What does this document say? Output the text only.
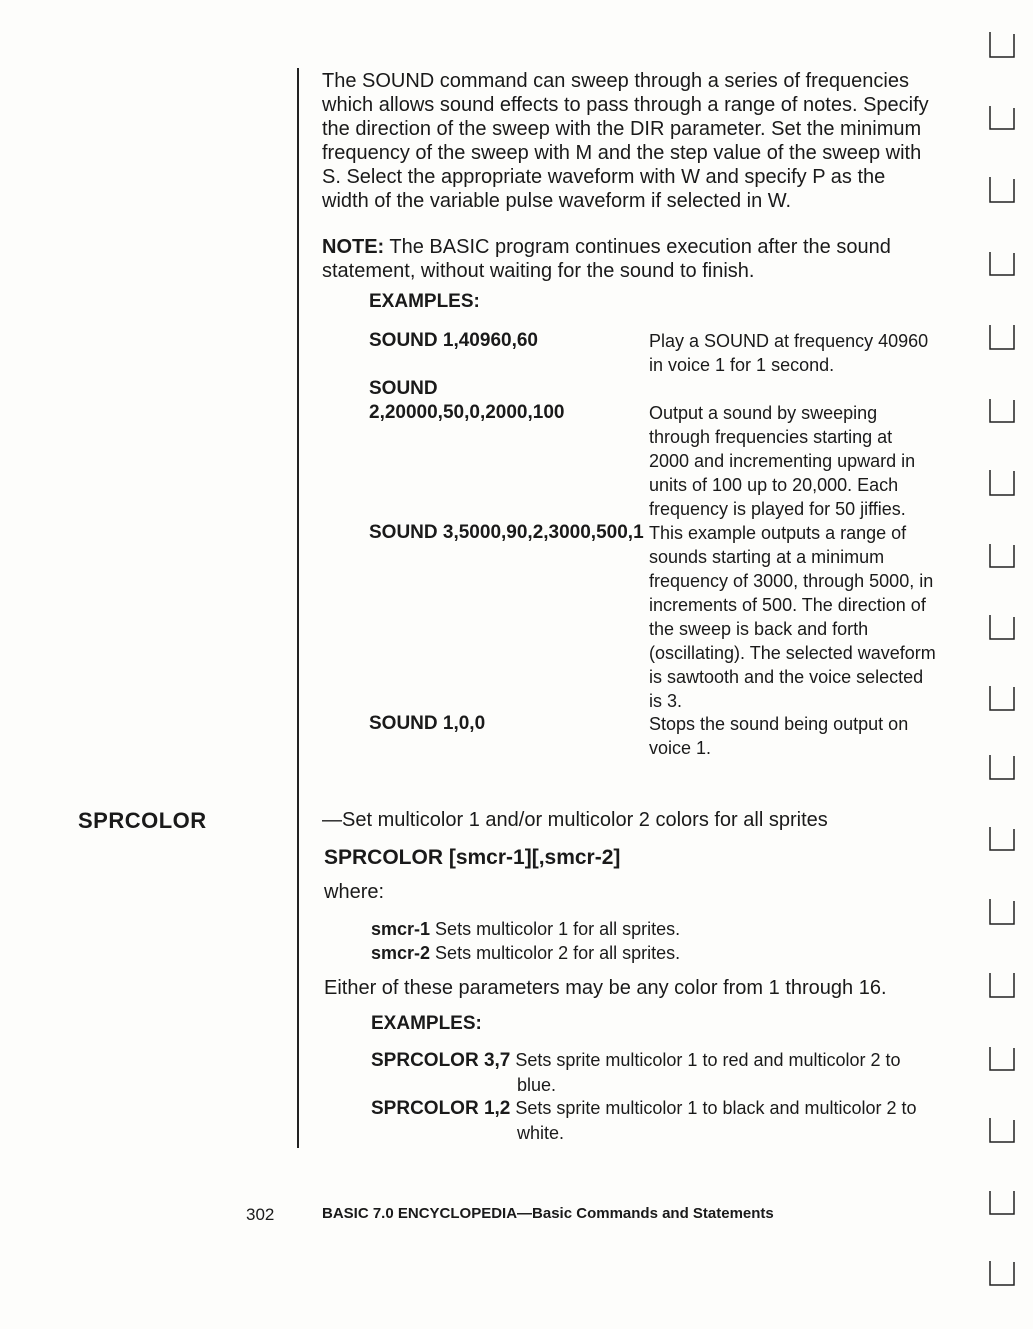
SPRCOLOR
The SOUND command can sweep through a series of frequencies
which allows sound effects to pass through a range of notes. Specify
the direction of the sweep with the DIR parameter. Set the minimum
frequency of the sweep with M and the step value of the sweep with
S. Select the appropriate waveform with W and specify P as the
width of the variable pulse waveform if selected in W.
NOTE: The BASIC program continues execution after the sound
statement, without waiting for the sound to finish.
EXAMPLES:
SOUND 1,40960,60	Play a SOUND at frequency 40960
in voice 1 for 1 second.
SOUND
2,20000,50,0,2000,100	Output a sound by sweeping
through frequencies starting at
2000 and incrementing upward in
units of 100 up to 20,000. Each
frequency is played for 50 jiffies.
SOUND 3,5000,90,2,3000,500,1 This example outputs a range of
sounds starting at a minimum
frequency of 3000, through 5000, in
increments of 500. The direction of
the sweep is back and forth
(oscillating). The selected waveform
is sawtooth and the voice selected
is 3.
SOUND 1,0,0	Stops the sound being output on
voice 1.
—Set multicolor 1 and/or multicolor 2 colors for all sprites
SPRCOLOR [smcr-1][,smcr-2]
where:
smcr-1 Sets multicolor 1 for all sprites.
smcr-2 Sets multicolor 2 for all sprites.
Either of these parameters may be any color from 1 through 16.
EXAMPLES:
SPRCOLOR 3,7 Sets sprite multicolor 1 to red and multicolor 2 to
blue.
SPRCOLOR 1,2 Sets sprite multicolor 1 to black and multicolor 2 to
white.
302	BASIC 7.0 ENCYCLOPEDIA—Basic Commands and Statements
